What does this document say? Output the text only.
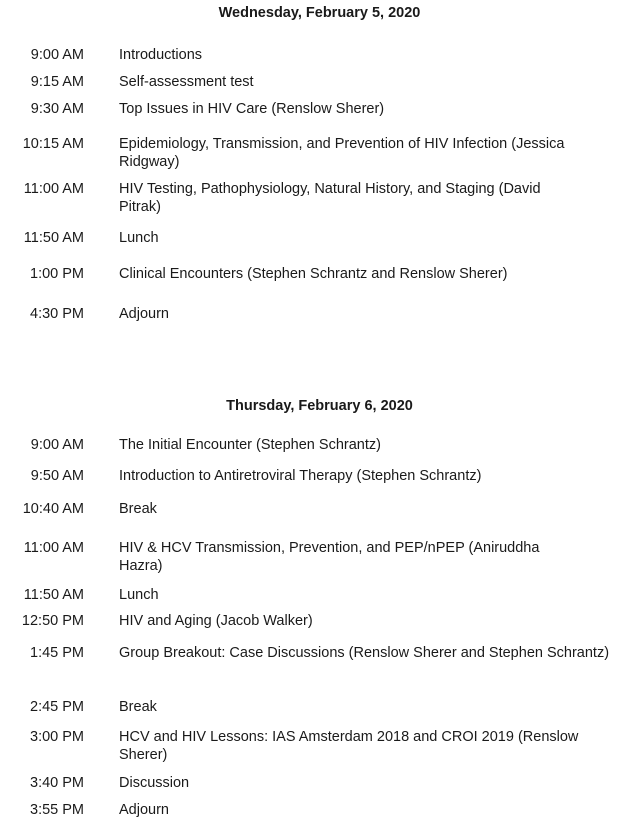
Wednesday, February 5, 2020
9:00 AM Introductions
9:15 AM Self-assessment test
9:30 AM Top Issues in HIV Care (Renslow Sherer)
10:15 AM Epidemiology, Transmission, and Prevention of HIV Infection (Jessica Ridgway)
11:00 AM HIV Testing, Pathophysiology, Natural History, and Staging (David Pitrak)
11:50 AM Lunch
1:00 PM Clinical Encounters (Stephen Schrantz and Renslow Sherer)
4:30 PM Adjourn
Thursday, February 6, 2020
9:00 AM The Initial Encounter (Stephen Schrantz)
9:50 AM Introduction to Antiretroviral Therapy (Stephen Schrantz)
10:40 AM Break
11:00 AM HIV & HCV Transmission, Prevention, and PEP/nPEP (Aniruddha Hazra)
11:50 AM Lunch
12:50 PM HIV and Aging (Jacob Walker)
1:45 PM Group Breakout: Case Discussions (Renslow Sherer and Stephen Schrantz)
2:45 PM Break
3:00 PM HCV and HIV Lessons: IAS Amsterdam 2018 and CROI 2019 (Renslow Sherer)
3:40 PM Discussion
3:55 PM Adjourn
